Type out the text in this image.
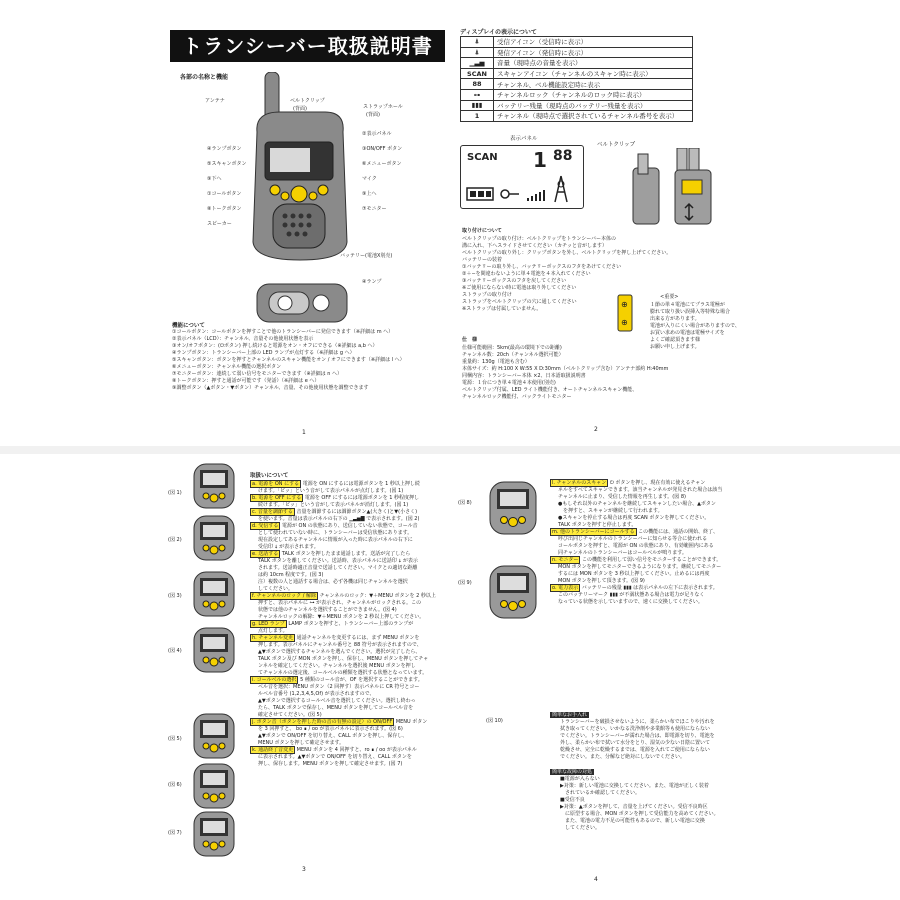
トランシーバー取扱説明書
各部の名称と機能
アンテナ
④ランプボタン
⑤スキャンボタン
⑨下へ
①コールボタン
⑧トークボタン
スピーカー
ベルトクリップ
(背面)	ストラップホール
(背面)
②表示パネル
③ON/OFF ボタン
⑥メニューボタン
マイク
⑨上へ
⑦モニター
バッテリー(電池Ⅹ別売)
④ランプ
機能について
①コールボタン：コールボタンを押すことで他のトランシーバーに発信できます（※詳細は m へ）
②表示パネル（LCD）：チャンネル、音量その他使用状態を表示
③オン/オフボタン：(⏻ボタン) 押し続けると電源をオン・オフにできる（※詳細は a,b へ）
④ランプボタン：トランシーバー上部の LED ランプが点灯する（※詳細は g へ）
⑤スキャンボタン：ボタンを押すとチャンネルのスキャン機能をオン / オフにできます（※詳細は l へ）
⑥メニューボタン：チャンネル機能の選択ボタン
⑦モニターボタン：連続して弱い信号をモニターできます（※詳細は n へ）
⑧トークボタン：押すと通話が可能です（発話）（※詳細は e へ）
⑨調整ボタン（▲ボタン・▼ボタン）チャンネル、音量、その他使用状態を調整できます
1
ディスプレイの表示について
⍋	受信アイコン（受信時に表示）
⍋	発信アイコン（発信時に表示）
▁▃▅	音量（現時点の音量を表示）
SCAN	スキャンアイコン（チャンネルのスキャン時に表示）
88	チャンネル、ベル機能設定時に表示
⊶	チャンネルロック（チャンネルのロック時に表示）
▮▮▮	バッテリー残量（現時点のバッテリー残量を表示）
1	チャンネル（現時点で選択されているチャンネル番号を表示）
表示パネル
SCAN 1 88
ベルトクリップ
取り付けについて
ベルトクリップの取り付け：ベルトクリップをトランシーバー本体の
溝に入れ、下へスライドさせてください（カチッと音がします）
ベルトクリップの取り外し：クリップボタンを外し、ベルトクリップを押し上げてください。
バッテリーの装着
①バッテリーの取り外し、バッテリーボックスのフタをあけてください
②＋−を間違わないように単４電池を４本入れてください
③バッテリーボックスのフタを戻してください
※ご使用にならない時に電池は取り外してください
ストラップの取り付け
ストラップをベルトクリップの穴に通してください
※ストラップは付属していません。	⊕
⊕
<重要>
１節の単４電池にてプラス電極が
膨れて取り扱い誤挿入等特殊な場合
出来る方があります。
電池が入りにくい場合がありますので、
お買い求めの電池は電極サイズを
よくご確認頂きます様
お願い申し上げます。
仕　様
仕様可能範囲：5km(最高の環境下での距離)
チャンネル数：20ch（チャンネル選択可能）
重量約：130g（電池も含む）
本体サイズ：約 H:100 X W:55 X D:30mm（ベルトクリップ含む）アンテナ部約 H:40mm
同梱内容：トランシーバー本体 ×2、日本語取扱説明書
電源：１台につき単４電池４本使用(別売)
ベルトクリップ付属、LED ライト機能付き、オートチャンネルスキャン機能、
チャンネルロック機能付、バックライトモニター
2
取扱いについて
(図 1)
(図 2)
(図 3)
(図 4)
(図 5)
(図 6)
(図 7)
a. 電源を ON にする 電源を ON にするには電源ボタンを 1 秒以上押し続
けます。「ピッ」という音がして表示パネルが点灯します。(図 1)
b. 電源を OFF にする 電源を OFF にするには電源ボタンを 1 秒程度押し
続けます。「ピッ」という音がして表示パネルが消灯します。(図 1)
c. 音量を調節する 音量を調節するには調節ボタン▲(大きく)と▼(小さく)
を使います。音量は表示パネルの右下の ▁▃▅▇ で表示されます。(図 2)
d. 受信する 電源が ON の状態にあり、送信していない状態で、コール音
として使われていない時に、トランシーバーは受信状態にあります。
現在設定してあるチャンネルに情報が入った時に表示パネルの右下に
受信印 ⍋ が表示されます。
e. 送話する TALK ボタンを押したまま通話します。送話が完了したら
TALK ボタンを離してください。送話時、表示パネルに送話印 ⍋ が表示
されます。送話時適正音量で送話してください。マイクとの適切な距離
は約 10cm 程度です。(図 3)
注）複数の人と通話する場合は、必ず各機は同じチャンネルを選択
してください。
f. チャンネルのロック / 解除 チャンネルのロック：▼＋MENU ボタンを 2 秒以上
押すと、表示パネルに ⊶ が表示され、チャンネルがロックされる。この
状態では他のチャンネルを選択することができません。(図 4)
チャンネルロックの解除：▼＋MENU ボタンを 2 秒以上押してください。
g. LED ランプ LAMP ボタンを押すと、トランシーバー上部のランプが
点灯します。
h. チャンネル変更 通話チャンネルを変更するには、まず MENU ボタンを
押します。表示パネルにチャンネル番号と 88 符号が表示されますので、
▲▼ボタンで選択するチャンネルを選んでください。選択が完了したら、
TALK ボタン及び MON ボタンを押し、保存し、MENU ボタンを押してチャ
ンネルを確定してください。チャンネルを選択後 MENU ボタンを押し
てチャンネルの選定後、コールベルの種類を選択する状態となっています。
i. コールベルの選択 5 種類のコール音が、OF を選択することができます。
ベル音を選択：MENU ボタン（2 回押す）表示パネルに CR 符号とコー
ルベル音番号 (1,2,3,4,5,Of) が表示されますので、
▲▼ボタンで選択するコールベル音を選択してください。選択し終わっ
たら、TALK ボタンで保存し、MENU ボタンを押してコールベル音を
確定させてください。(図 5)
j. ボタン音（ボタンを押した時の音の有無の設定）の ON/OFF MENU ボタン
を 3 回押すと、 bo ∎ / oo が表示パネルに表示されます。(図 6)
▲▼ボタンで ON/OFF を切り替え、CALL ボタンを押し、保存し、
MENU ボタンを押して確定させます。
k. 通話終了音変更 MENU ボタンを 4 回押すと、ro ∎ / oo が表示パネル
に表示されます。▲▼ボタンで ON/OFF を切り替え、CALL ボタンを
押し、保存します。MENU ボタンを押して確定させます。(図 7)
3
(図 8)
(図 9)
(図 10)
l. チャンネルのスキャン ⏻ ボタンを押し、現在有効に使えるチャン
ネルをすべてスキャンできます。該当チャンネルが発見された場合は該当
チャンネルに止まり、受信した情報を再生します。(図 8)
●もしそれ以外のチャンネルを継続してスキャンしたい場合、▲ボタン
　を押すと、スキャンが継続して行われます。
●スキャンを停止する場合は再度 SCAN ボタンを押してください。
TALK ボタンを押すと停止します。
m. 他のトランシーバーにコールする この機能には、通話の開始、終了、
呼び出同じチャンネルのトランシーバーに知らせる等合に使われる
コールボタンを押すと、電源が ON の状態にあり、有効範囲内にある
同チャンネルのトランシーバーはコールベルが鳴ります。
n. モニター この機能を利用して弱い信号をモニターすることができます。
MON ボタンを押してモニターできるようになります。継続してモニター
するには MON ボタンを 3 秒以上押してください。止めるには再度
MON ボタンを押して頂きます。(図 9)
o. 電力表示 バッテリーの残量 ▮▮▮ は表示パネルの左下に表示されます。
このバッテリーマーク ▮▮▮ が不満状態ある場合は電力が足りなく
なっている状態を示していますので、速くに交換してください。
簡単なお手入れ
トランシーバーを破損させないように、柔らかい布でほこりや汚れを
拭き取ってください。いかなる洗浄剤や多業館等も使用にならない
でください。トランシーバーが濡れた場合は、即電源を切り、電池を
外し、柔らかい布で拭いて水分をとり、湿気の少ない日陰に置いて
乾燥させ、完全に乾燥するまでは、電源を入れてご使用にならない
でください。また、分解など絶対にしないでください。
簡単な故障の対処
■電源が入らない
▶対策：新しい電池に交換してください。また、電池が正しく装着
　されているか確認してください。
■受信不良
▶対策：▲ボタンを押して、音量を上げてください。受信不良時区
　に原型する場合、MON ボタンを押して受信能力を高めてください。
　また、電池の電力不足の可能性もあるので、新しい電池に交換
　してください。
4
